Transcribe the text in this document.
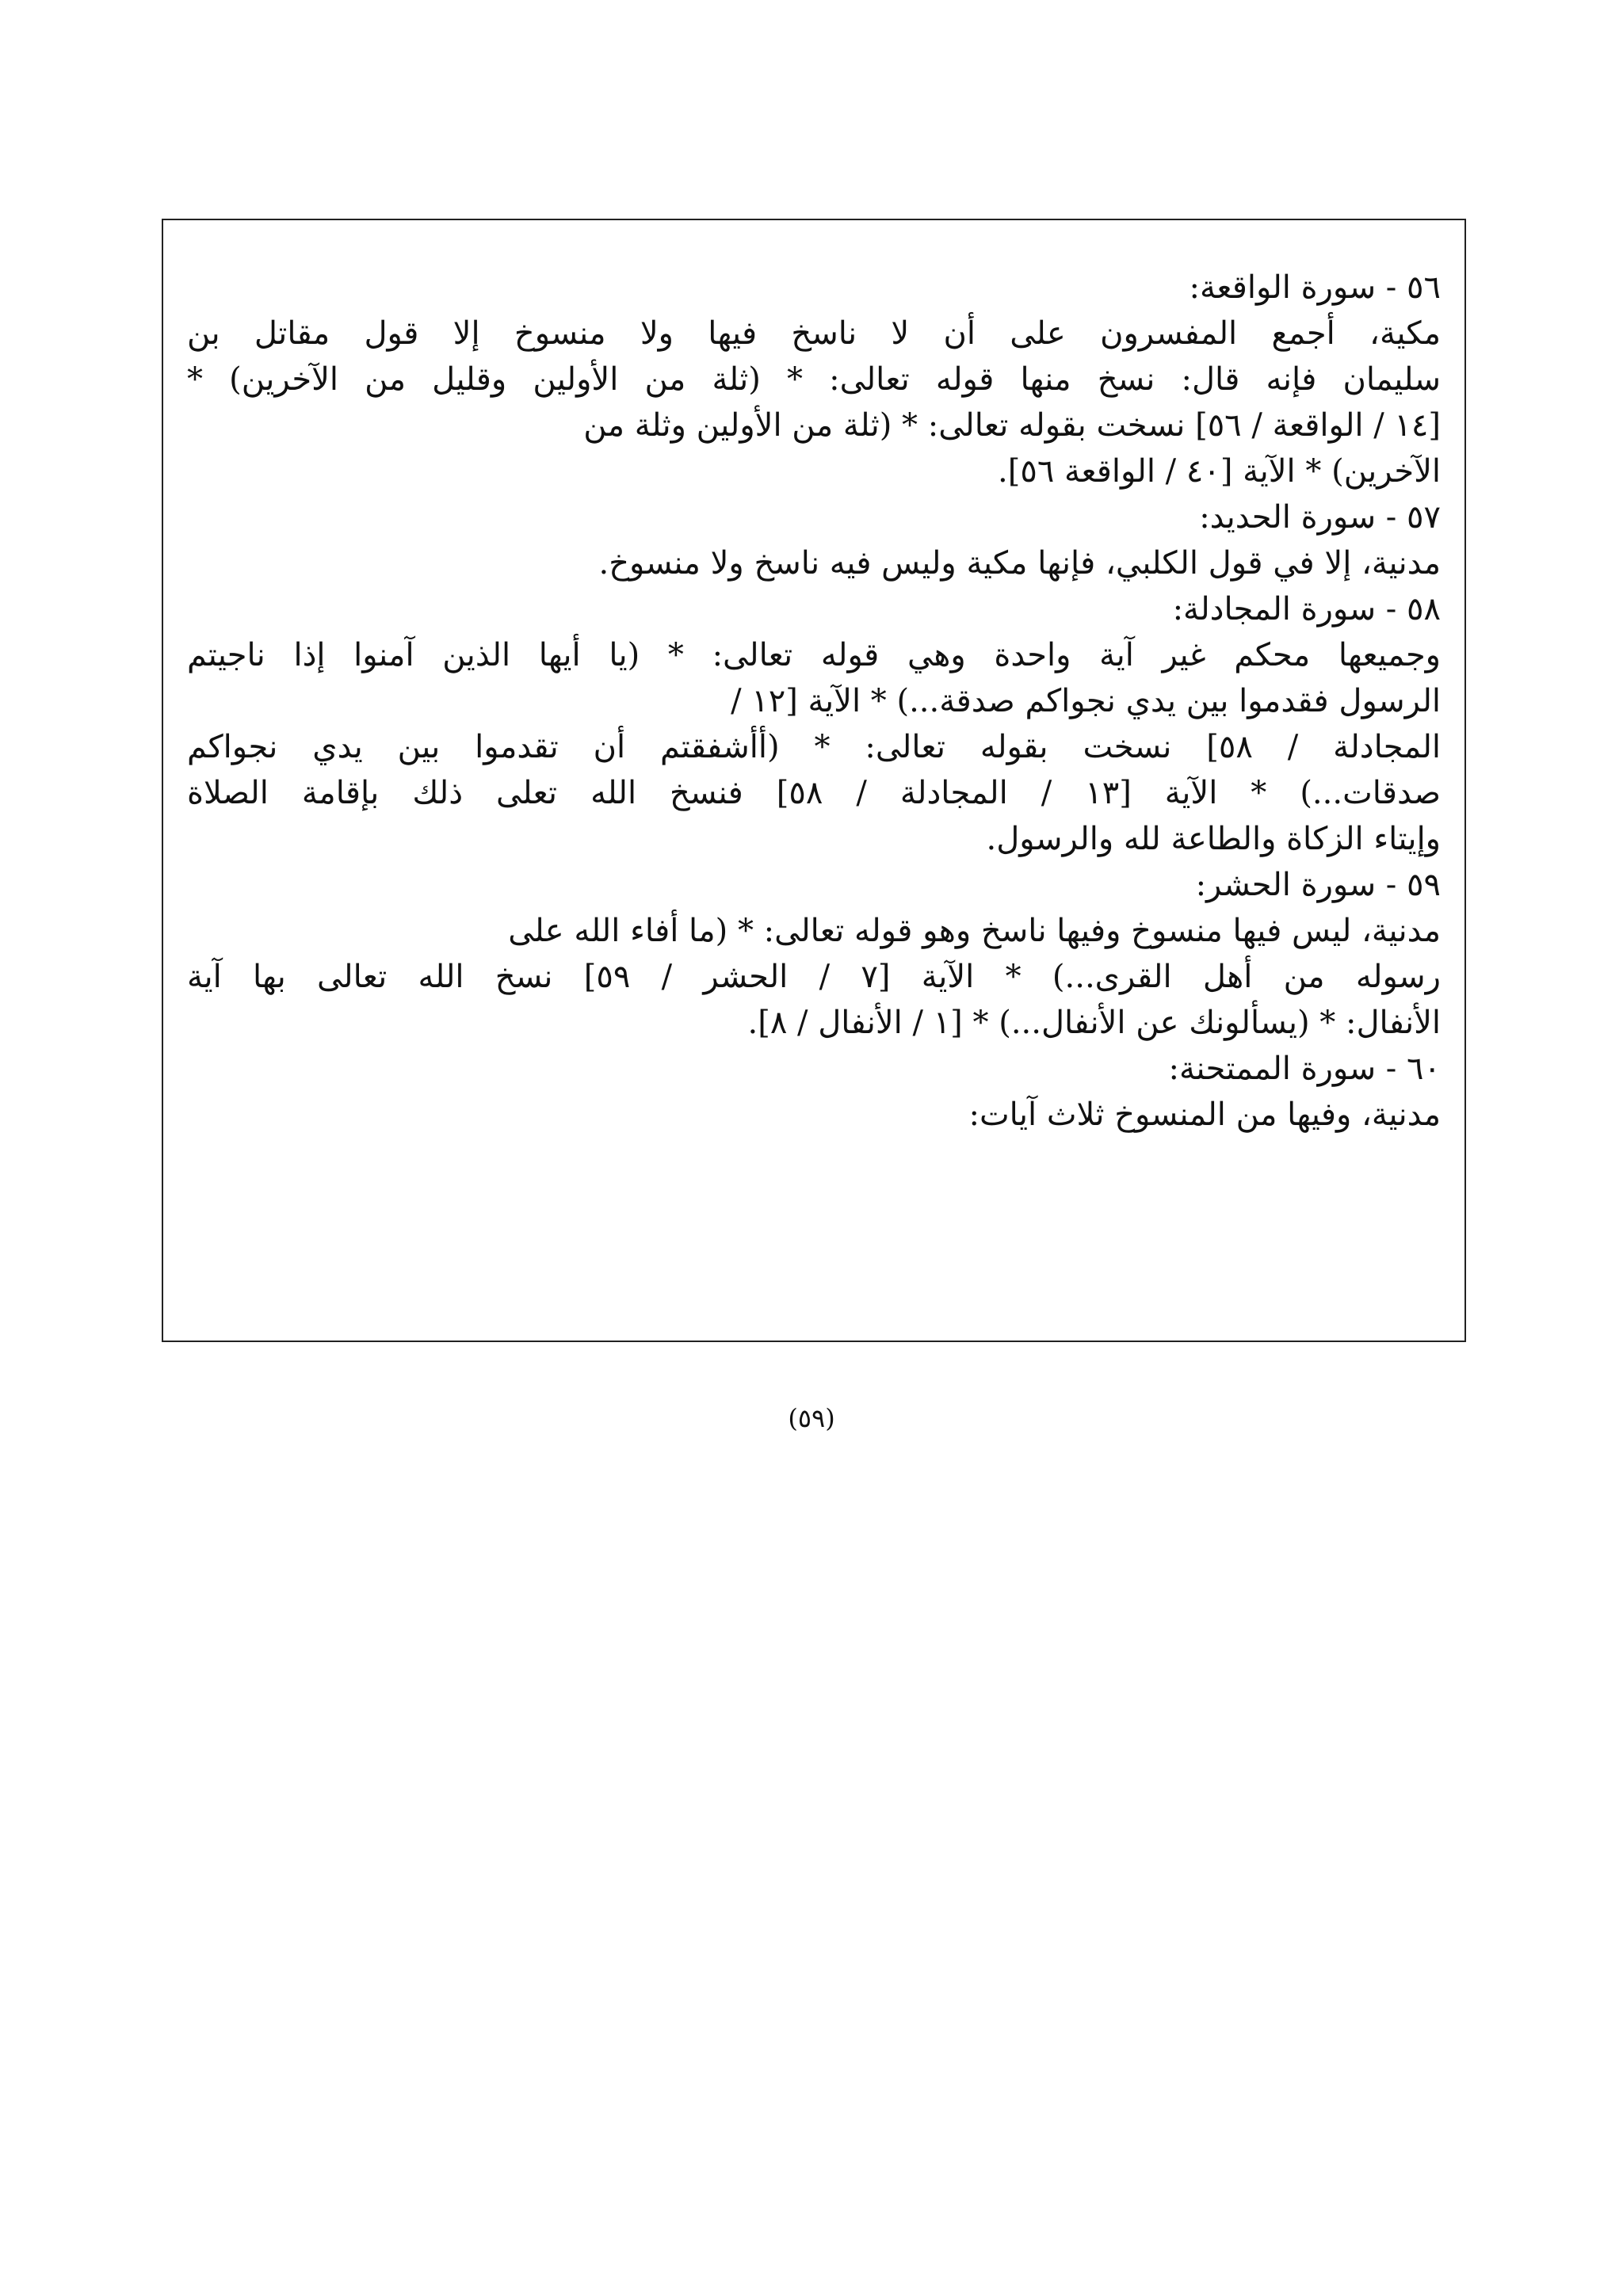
٥٦ - سورة الواقعة:

مكية، أجمع المفسرون على أن لا ناسخ فيها ولا منسوخ إلا قول مقاتل بن

سليمان فإنه قال: نسخ منها قوله تعالى: * (ثلة من الأولين وقليل من الآخرين) *

[١٤ / الواقعة / ٥٦] نسخت بقوله تعالى: * (ثلة من الأولين وثلة من

الآخرين) * الآية [٤٠ / الواقعة ٥٦].

٥٧ - سورة الحديد:

مدنية، إلا في قول الكلبي، فإنها مكية وليس فيه ناسخ ولا منسوخ.

٥٨ - سورة المجادلة:

وجميعها محكم غير آية واحدة وهي قوله تعالى: * (يا أيها الذين آمنوا إذا ناجيتم

الرسول فقدموا بين يدي نجواكم صدقة...) * الآية [١٢ /

المجادلة / ٥٨] نسخت بقوله تعالى: * (أأشفقتم أن تقدموا بين يدي نجواكم

صدقات...) * الآية [١٣ / المجادلة / ٥٨] فنسخ الله تعلى ذلك بإقامة الصلاة

وإيتاء الزكاة والطاعة لله والرسول.

٥٩ - سورة الحشر:

مدنية، ليس فيها منسوخ وفيها ناسخ وهو قوله تعالى: * (ما أفاء الله على

رسوله من أهل القرى...) * الآية [٧ / الحشر / ٥٩] نسخ الله تعالى بها آية

الأنفال: * (يسألونك عن الأنفال...) * [١ / الأنفال / ٨].

٦٠ - سورة الممتحنة:

مدنية، وفيها من المنسوخ ثلاث آيات:

(٥٩)
